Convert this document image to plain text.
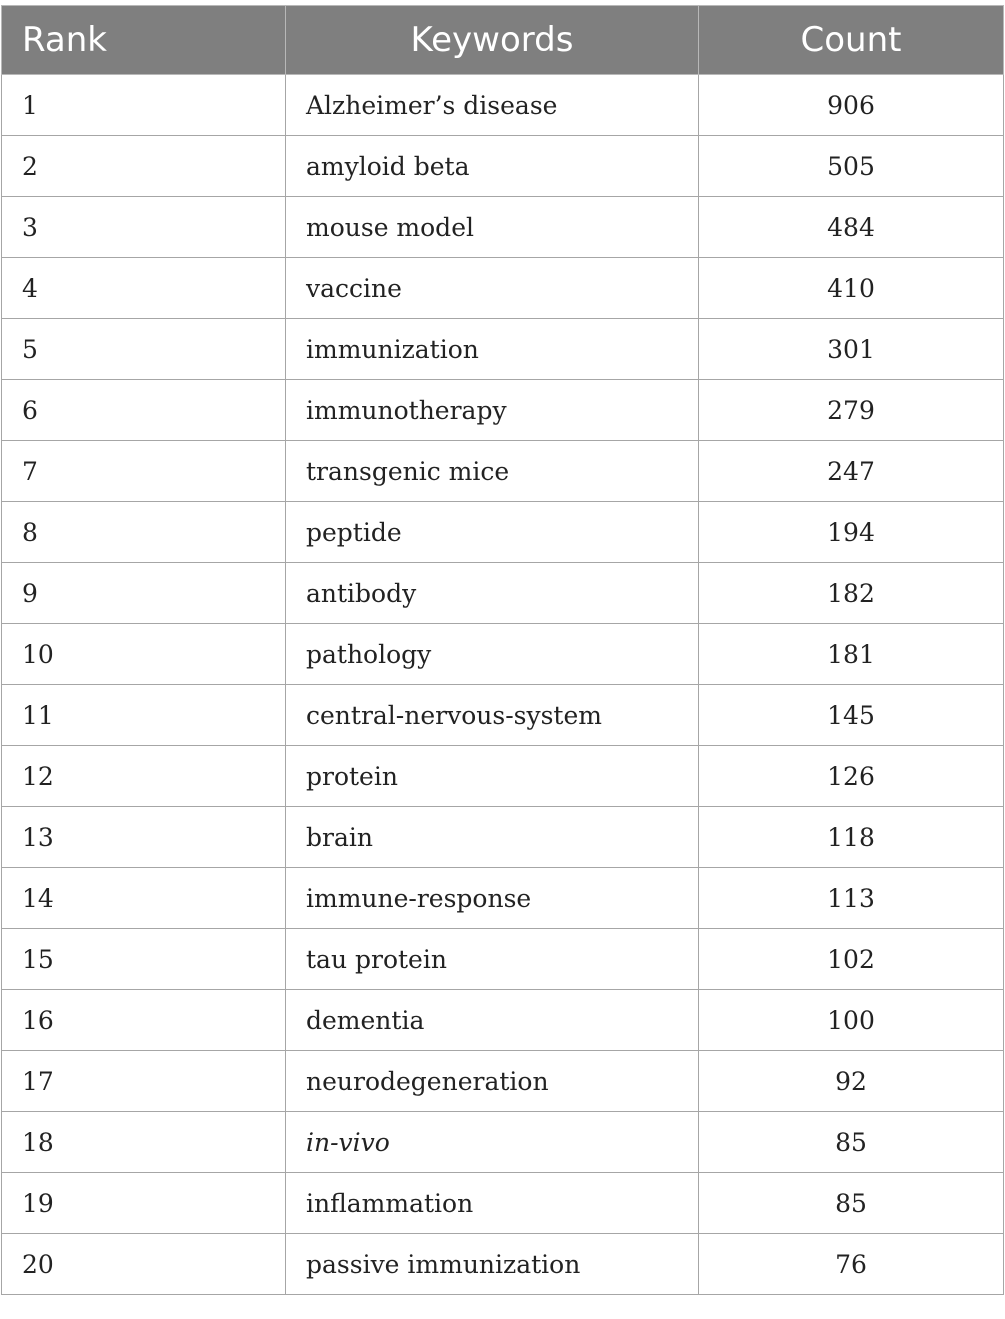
Rank	Keywords	Count
1	Alzheimer’s disease	906
2	amyloid beta	505
3	mouse model	484
4	vaccine	410
5	immunization	301
6	immunotherapy	279
7	transgenic mice	247
8	peptide	194
9	antibody	182
10	pathology	181
11	central-nervous-system	145
12	protein	126
13	brain	118
14	immune-response	113
15	tau protein	102
16	dementia	100
17	neurodegeneration	92
18	in-vivo	85
19	inflammation	85
20	passive immunization	76
